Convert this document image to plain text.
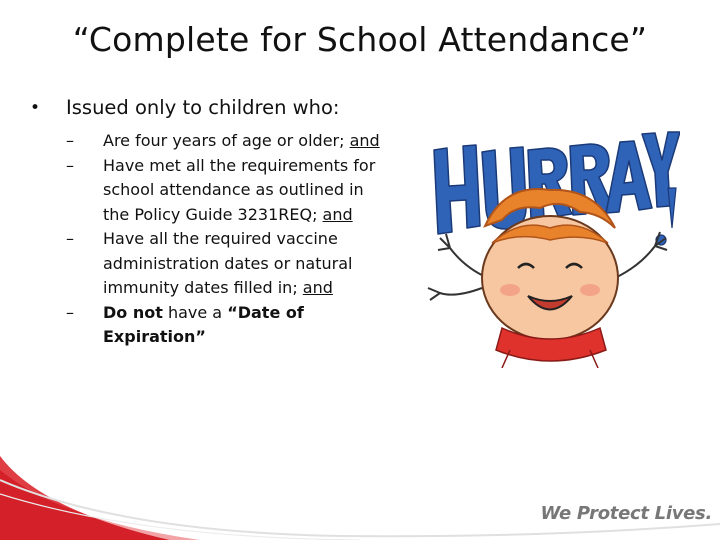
“Complete for School Attendance”
•	Issued only to children who:
–	Are four years of age or older; and
–	Have met all the requirements for school attendance as outlined in the Policy Guide 3231REQ; and
–	Have all the required vaccine administration dates or natural immunity dates filled in; and
–	Do not have a “Date of Expiration”
We Protect Lives.
